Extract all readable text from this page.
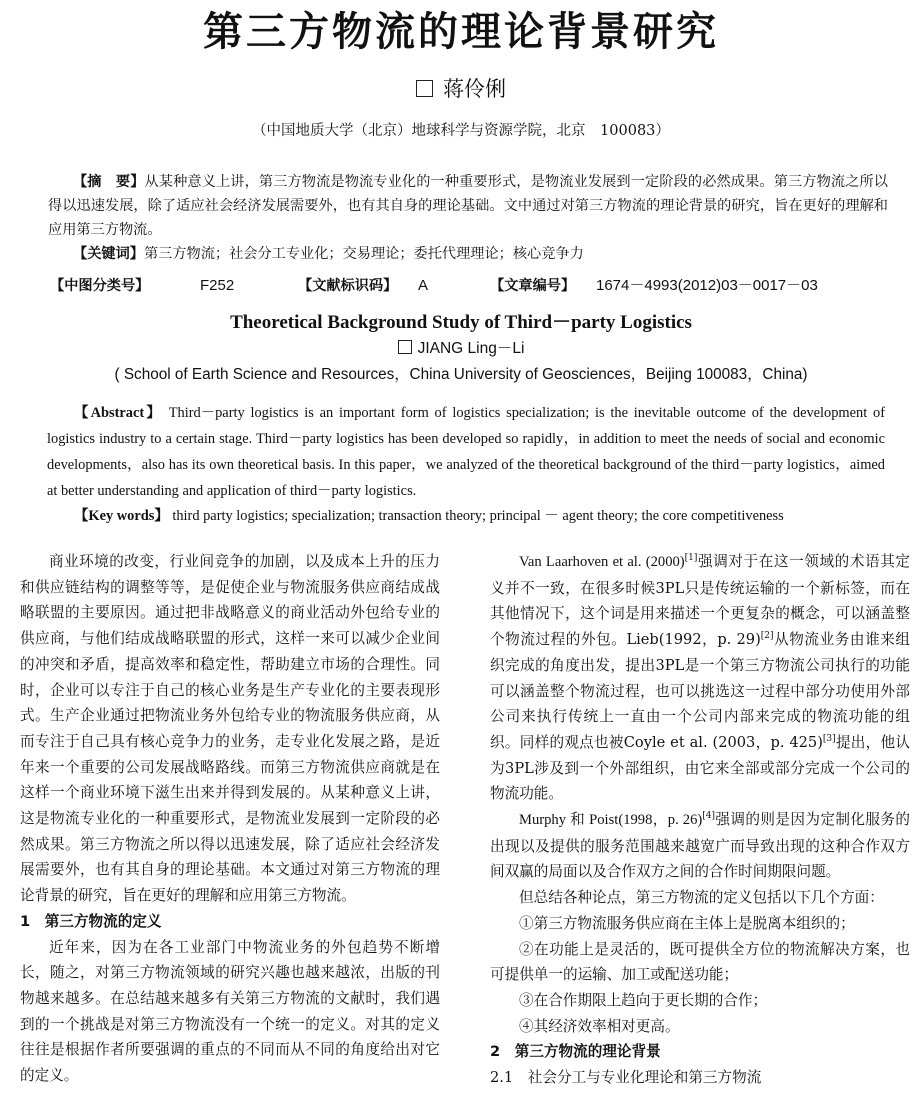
第三方物流的理论背景研究
蒋伶俐
（中国地质大学（北京）地球科学与资源学院，北京　100083）

【摘　要】从某种意义上讲，第三方物流是物流专业化的一种重要形式，是物流业发展到一定阶段的必然成果。第三方物流之所以得以迅速发展，除了适应社会经济发展需要外，也有其自身的理论基础。文中通过对第三方物流的理论背景的研究，旨在更好的理解和应用第三方物流。

【关键词】第三方物流；社会分工专业化；交易理论；委托代理理论；核心竞争力

【中图分类号】	F252	【文献标识码】 A	【文章编号】 1674－4993(2012)03－0017－03
Theoretical Background Study of Third－party Logistics
JIANG Ling－Li
( School of Earth Science and Resources，China University of Geosciences，Beijing 100083，China)

【Abstract】 Third－party logistics is an important form of logistics specialization; is the inevitable outcome of the development of logistics industry to a certain stage. Third－party logistics has been developed so rapidly，in addition to meet the needs of social and economic developments，also has its own theoretical basis. In this paper，we analyzed of the theoretical background of the third－party logistics，aimed at better understanding and application of third－party logistics.

【Key words】 third party logistics; specialization; transaction theory; principal － agent theory; the core competitiveness

商业环境的改变，行业间竞争的加剧，以及成本上升的压力和供应链结构的调整等等，是促使企业与物流服务供应商结成战略联盟的主要原因。通过把非战略意义的商业活动外包给专业的供应商，与他们结成战略联盟的形式，这样一来可以减少企业间的冲突和矛盾，提高效率和稳定性，帮助建立市场的合理性。同时，企业可以专注于自己的核心业务是生产专业化的主要表现形式。生产企业通过把物流业务外包给专业的物流服务供应商，从而专注于自己具有核心竞争力的业务，走专业化发展之路，是近年来一个重要的公司发展战略路线。而第三方物流供应商就是在这样一个商业环境下滋生出来并得到发展的。从某种意义上讲，这是物流专业化的一种重要形式，是物流业发展到一定阶段的必然成果。第三方物流之所以得以迅速发展，除了适应社会经济发展需要外，也有其自身的理论基础。本文通过对第三方物流的理论背景的研究，旨在更好的理解和应用第三方物流。

1　第三方物流的定义

近年来，因为在各工业部门中物流业务的外包趋势不断增长，随之，对第三方物流领域的研究兴趣也越来越浓，出版的刊物越来越多。在总结越来越多有关第三方物流的文献时，我们遇到的一个挑战是对第三方物流没有一个统一的定义。对其的定义往往是根据作者所要强调的重点的不同而从不同的角度给出对它的定义。

Van Laarhoven et al. (2000)[1]强调对于在这一领域的术语其定义并不一致，在很多时候3PL只是传统运输的一个新标签，而在其他情况下，这个词是用来描述一个更复杂的概念，可以涵盖整个物流过程的外包。Lieb(1992，p. 29)[2]从物流业务由谁来组织完成的角度出发，提出3PL是一个第三方物流公司执行的功能可以涵盖整个物流过程，也可以挑选这一过程中部分功使用外部公司来执行传统上一直由一个公司内部来完成的物流功能的组织。同样的观点也被Coyle et al. (2003，p. 425)[3]提出，他认为3PL涉及到一个外部组织，由它来全部或部分完成一个公司的物流功能。

Murphy 和 Poist(1998，p. 26)[4]强调的则是因为定制化服务的出现以及提供的服务范围越来越宽广而导致出现的这种合作双方间双赢的局面以及合作双方之间的合作时间期限问题。

但总结各种论点，第三方物流的定义包括以下几个方面：

①第三方物流服务供应商在主体上是脱离本组织的；

②在功能上是灵活的，既可提供全方位的物流解决方案，也可提供单一的运输、加工或配送功能；

③在合作期限上趋向于更长期的合作；

④其经济效率相对更高。

2　第三方物流的理论背景

2.1　社会分工与专业化理论和第三方物流
